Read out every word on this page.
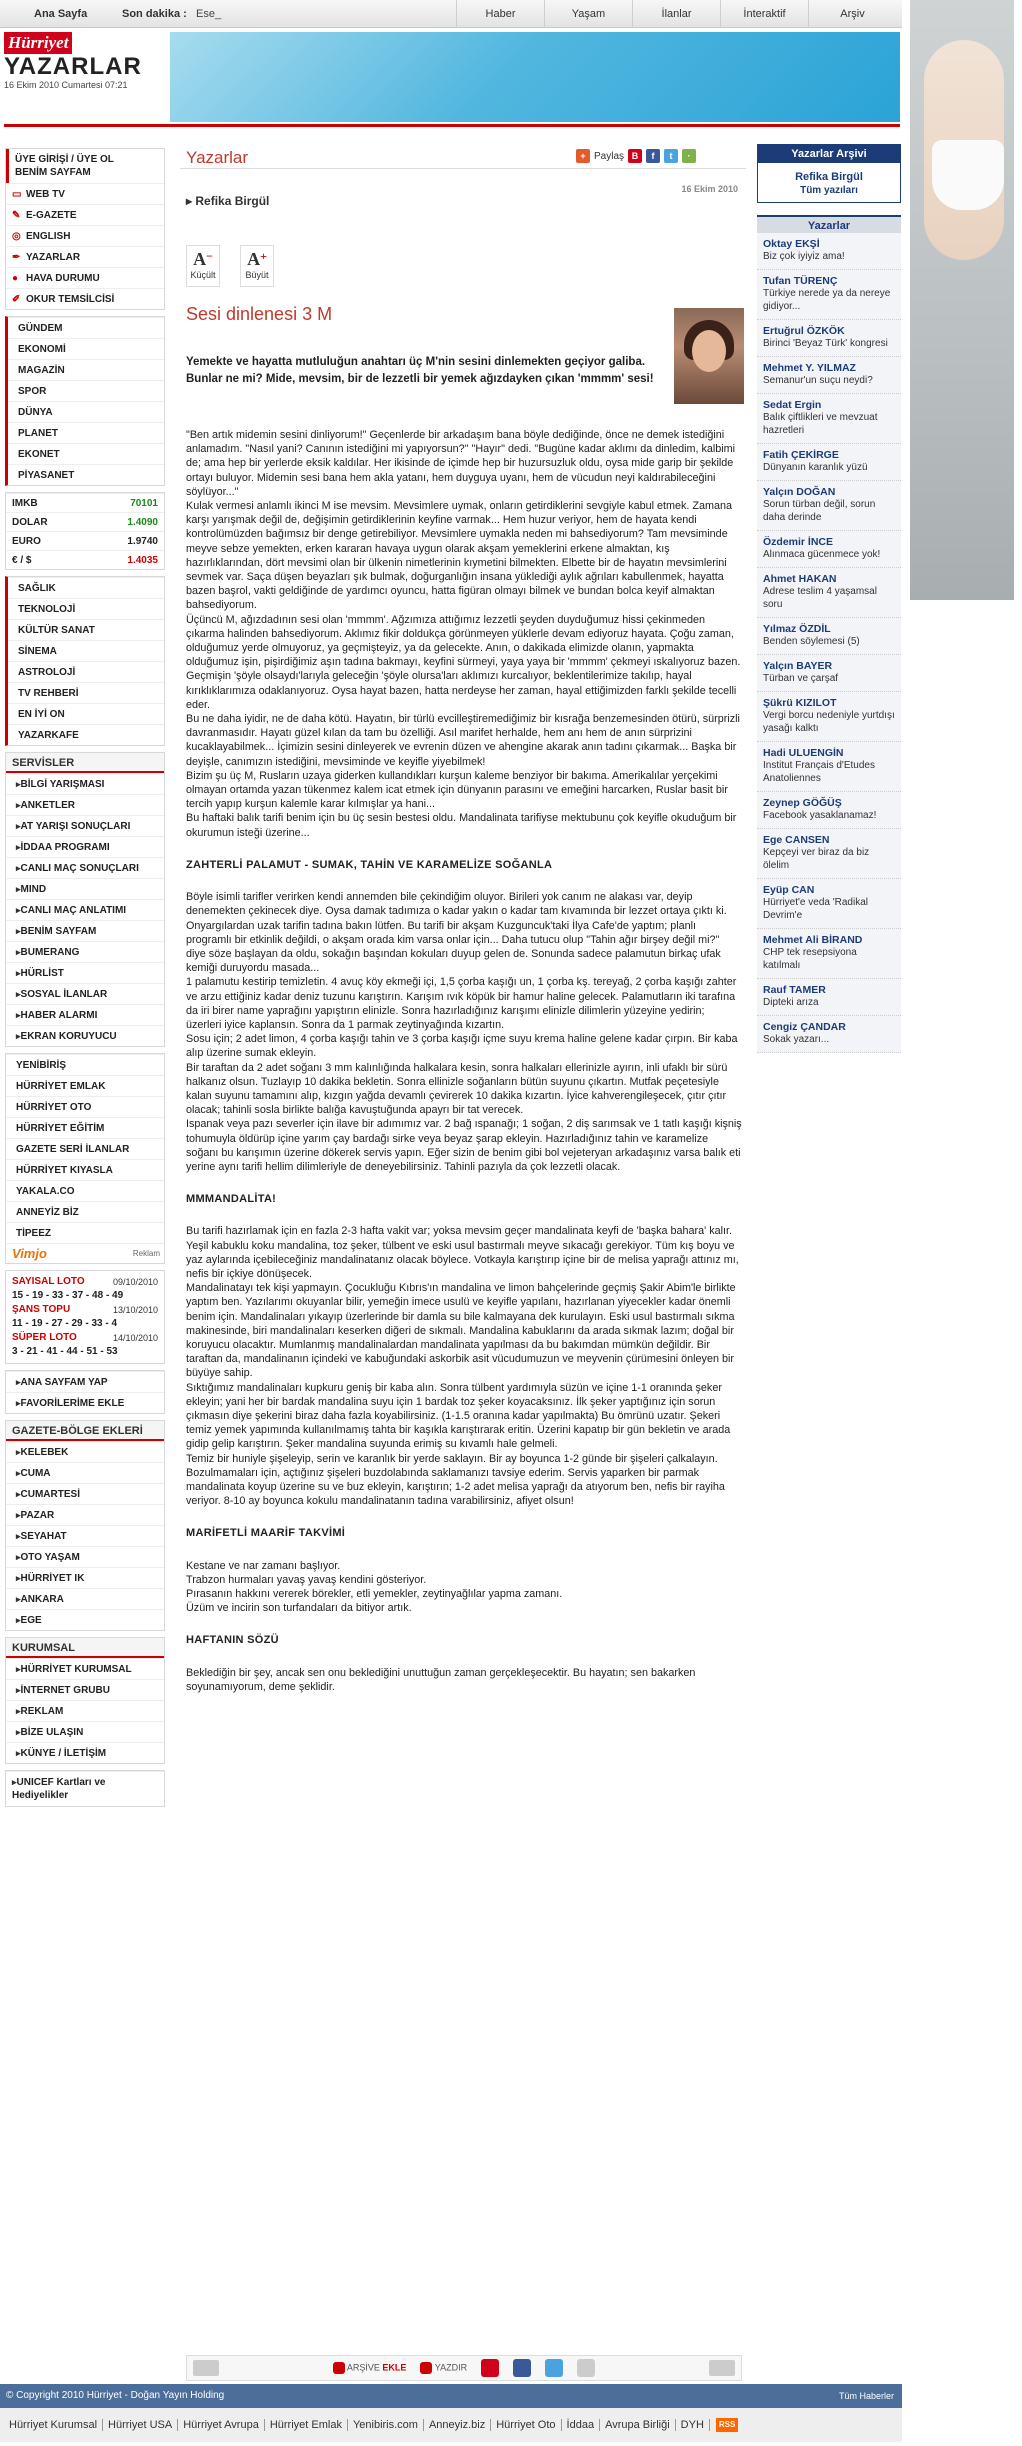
Ana Sayfa	Son dakika : Ese_	Haber	Yaşam	İlanlar	İnteraktif	Arşiv
Hürriyet
YAZARLAR
16 Ekim 2010 Cumartesi 07:21
ÜYE GİRİŞİ / ÜYE OL
BENİM SAYFAM
▭ WEB TV
✎ E-GAZETE
◎ ENGLISH
✒ YAZARLAR
● HAVA DURUMU
✐ OKUR TEMSİLCİSİ
GÜNDEM
EKONOMİ
MAGAZİN
SPOR
DÜNYA
PLANET
EKONET
PİYASANET
IMKB	70101
DOLAR	1.4090
EURO	1.9740
€ / $	1.4035
SAĞLIK
TEKNOLOJİ
KÜLTÜR SANAT
SİNEMA
ASTROLOJİ
TV REHBERİ
EN İYİ ON
YAZARKAFE
SERVİSLER
▸ BİLGİ YARIŞMASI
▸ ANKETLER
▸ AT YARIŞI SONUÇLARI
▸ İDDAA PROGRAMI
▸ CANLI MAÇ SONUÇLARI
▸ MIND
▸ CANLI MAÇ ANLATIMI
▸ BENİM SAYFAM
▸ BUMERANG
▸ HÜRLİST
▸ SOSYAL İLANLAR
▸ HABER ALARMI
▸ EKRAN KORUYUCU
YENİBİRİŞ
HÜRRİYET EMLAK
HÜRRİYET OTO
HÜRRİYET EĞİTİM
GAZETE SERİ İLANLAR
HÜRRİYET KIYASLA
YAKALA.CO
ANNEYİZ BİZ
TİPEEZ
Vimjo	Reklam
SAYISAL LOTO	09/10/2010
15 - 19 - 33 - 37 - 48 - 49
ŞANS TOPU	13/10/2010
11 - 19 - 27 - 29 - 33 - 4
SÜPER LOTO	14/10/2010
3 - 21 - 41 - 44 - 51 - 53
▸ ANA SAYFAM YAP
▸ FAVORİLERİME EKLE
GAZETE-BÖLGE EKLERİ
▸ KELEBEK
▸ CUMA
▸ CUMARTESİ
▸ PAZAR
▸ SEYAHAT
▸ OTO YAŞAM
▸ HÜRRİYET IK
▸ ANKARA
▸ EGE
KURUMSAL
▸ HÜRRİYET KURUMSAL
▸ İNTERNET GRUBU
▸ REKLAM
▸ BİZE ULAŞIN
▸ KÜNYE / İLETİŞİM
▸ UNICEF Kartları ve Hediyelikler
Yazarlar	+ Paylaş B	f	t	·
16 Ekim 2010
▸ Refika Birgül
A−
Küçült
A+
Büyüt
Sesi dinlenesi 3 M
Yemekte ve hayatta mutluluğun anahtarı üç M'nin sesini dinlemekten geçiyor galiba. Bunlar ne mi? Mide, mevsim, bir de lezzetli bir yemek ağızdayken çıkan 'mmmm' sesi!

"Ben artık midemin sesini dinliyorum!" Geçenlerde bir arkadaşım bana böyle dediğinde, önce ne demek istediğini anlamadım. "Nasıl yani? Canının istediğini mi yapıyorsun?" "Hayır" dedi. "Bugüne kadar aklımı da dinledim, kalbimi de; ama hep bir yerlerde eksik kaldılar. Her ikisinde de içimde hep bir huzursuzluk oldu, oysa mide garip bir şekilde ortayı buluyor. Midemin sesi bana hem akla yatanı, hem duyguya uyanı, hem de vücudun neyi kaldırabileceğini söylüyor..."
Kulak vermesi anlamlı ikinci M ise mevsim. Mevsimlere uymak, onların getirdiklerini sevgiyle kabul etmek. Zamana karşı yarışmak değil de, değişimin getirdiklerinin keyfine varmak... Hem huzur veriyor, hem de hayata kendi kontrolümüzden bağımsız bir denge getirebiliyor. Mevsimlere uymakla neden mi bahsediyorum? Tam mevsiminde meyve sebze yemekten, erken kararan havaya uygun olarak akşam yemeklerini erkene almaktan, kış hazırlıklarından, dört mevsimi olan bir ülkenin nimetlerinin kıymetini bilmekten. Elbette bir de hayatın mevsimlerini sevmek var. Saça düşen beyazları şık bulmak, doğurganlığın insana yüklediği aylık ağrıları kabullenmek, hayatta bazen başrol, vakti geldiğinde de yardımcı oyuncu, hatta figüran olmayı bilmek ve bundan bolca keyif almaktan bahsediyorum.
Üçüncü M, ağızdadının sesi olan 'mmmm'. Ağzımıza attığımız lezzetli şeyden duyduğumuz hissi çekinmeden çıkarma halinden bahsediyorum. Aklımız fikir doldukça görünmeyen yüklerle devam ediyoruz hayata. Çoğu zaman, olduğumuz yerde olmuyoruz, ya geçmişteyiz, ya da gelecekte. Anın, o dakikada elimizde olanın, yapmakta olduğumuz işin, pişirdiğimiz aşın tadına bakmayı, keyfini sürmeyi, yaya yaya bir 'mmmm' çekmeyi ıskalıyoruz bazen. Geçmişin 'şöyle olsaydı'larıyla geleceğin 'şöyle olursa'ları aklımızı kurcalıyor, beklentilerimize takılıp, hayal kırıklıklarımıza odaklanıyoruz. Oysa hayat bazen, hatta nerdeyse her zaman, hayal ettiğimizden farklı şekilde tecelli eder.
Bu ne daha iyidir, ne de daha kötü. Hayatın, bir türlü evcilleştiremediğimiz bir kısrağa benzemesinden ötürü, sürprizli davranmasıdır. Hayatı güzel kılan da tam bu özelliği. Asıl marifet herhalde, hem anı hem de anın sürprizini kucaklayabilmek... İçimizin sesini dinleyerek ve evrenin düzen ve ahengine akarak anın tadını çıkarmak... Başka bir deyişle, canımızın istediğini, mevsiminde ve keyifle yiyebilmek!
Bizim şu üç M, Rusların uzaya giderken kullandıkları kurşun kaleme benziyor bir bakıma. Amerikalılar yerçekimi olmayan ortamda yazan tükenmez kalem icat etmek için dünyanın parasını ve emeğini harcarken, Ruslar basit bir tercih yapıp kurşun kalemle karar kılmışlar ya hani...
Bu haftaki balık tarifi benim için bu üç sesin bestesi oldu. Mandalinata tarifiyse mektubunu çok keyifle okuduğum bir okurumun isteği üzerine...

ZAHTERLİ PALAMUT - SUMAK, TAHİN VE KARAMELİZE SOĞANLA

Böyle isimli tarifler verirken kendi annemden bile çekindiğim oluyor. Birileri yok canım ne alakası var, deyip denemekten çekinecek diye. Oysa damak tadımıza o kadar yakın o kadar tam kıvamında bir lezzet ortaya çıktı ki. Onyargılardan uzak tarifin tadına bakın lütfen. Bu tarifi bir akşam Kuzguncuk'taki İlya Cafe'de yaptım; planlı programlı bir etkinlik değildi, o akşam orada kim varsa onlar için... Daha tutucu olup "Tahin ağır birşey değil mi?" diye söze başlayan da oldu, sokağın başından kokuları duyup gelen de. Sonunda sadece palamutun birkaç ufak kemiği duruyordu masada...
1 palamutu kestirip temizletin. 4 avuç köy ekmeği içi, 1,5 çorba kaşığı un, 1 çorba kş. tereyağ, 2 çorba kaşığı zahter ve arzu ettiğiniz kadar deniz tuzunu karıştırın. Karışım ıvık köpük bir hamur haline gelecek. Palamutların iki tarafına da iri birer name yaprağını yapıştırın elinizle. Sonra hazırladığınız karışımı elinizle dilimlerin yüzeyine yedirin; üzerleri iyice kaplansın. Sonra da 1 parmak zeytinyağında kızartın.
Sosu için; 2 adet limon, 4 çorba kaşığı tahin ve 3 çorba kaşığı içme suyu krema haline gelene kadar çırpın. Bir kaba alıp üzerine sumak ekleyin.
Bir taraftan da 2 adet soğanı 3 mm kalınlığında halkalara kesin, sonra halkaları ellerinizle ayırın, inli ufaklı bir sürü halkanız olsun. Tuzlayıp 10 dakika bekletin. Sonra ellinizle soğanların bütün suyunu çıkartın. Mutfak peçetesiyle kalan suyunu tamamını alıp, kızgın yağda devamlı çevirerek 10 dakika kızartın. İyice kahverengileşecek, çıtır çıtır olacak; tahinli sosla birlikte balığa kavuştuğunda apayrı bir tat verecek.
Ispanak veya pazı severler için ilave bir adımımız var. 2 bağ ıspanağı; 1 soğan, 2 diş sarımsak ve 1 tatlı kaşığı kişniş tohumuyla öldürüp içine yarım çay bardağı sirke veya beyaz şarap ekleyin. Hazırladığınız tahin ve karamelize soğanı bu karışımın üzerine dökerek servis yapın. Eğer sizin de benim gibi bol vejeteryan arkadaşınız varsa balık eti yerine aynı tarifi hellim dilimleriyle de deneyebilirsiniz. Tahinli pazıyla da çok lezzetli olacak.

MMMANDALİTA!

Bu tarifi hazırlamak için en fazla 2-3 hafta vakit var; yoksa mevsim geçer mandalinata keyfi de 'başka bahara' kalır. Yeşil kabuklu koku mandalina, toz şeker, tülbent ve eski usul bastırmalı meyve sıkacağı gerekiyor. Tüm kış boyu ve yaz aylarında içebileceğiniz mandalinatanız olacak böylece. Votkayla karıştırıp içine bir de melisa yaprağı attınız mı, nefis bir içkiye dönüşecek.
Mandalinatayı tek kişi yapmayın. Çocukluğu Kıbrıs'ın mandalina ve limon bahçelerinde geçmiş Şakir Abim'le birlikte yaptım ben. Yazılarımı okuyanlar bilir, yemeğin imece usulü ve keyifle yapılanı, hazırlanan yiyecekler kadar önemli benim için. Mandalinaları yıkayıp üzerlerinde bir damla su bile kalmayana dek kurulayın. Eski usul bastırmalı sıkma makinesinde, biri mandalinaları keserken diğeri de sıkmalı. Mandalina kabuklarını da arada sıkmak lazım; doğal bir koruyucu olacaktır. Mumlanmış mandalinalardan mandalinata yapılması da bu bakımdan mümkün değildir. Bir taraftan da, mandalinanın içindeki ve kabuğundaki askorbik asit vücudumuzun ve meyvenin çürümesini önleyen bir büyüye sahip.
Sıktığımız mandalinaları kupkuru geniş bir kaba alın. Sonra tülbent yardımıyla süzün ve içine 1-1 oranında şeker ekleyin; yani her bir bardak mandalina suyu için 1 bardak toz şeker koyacaksınız. İlk şeker yaptığınız için sorun çıkmasın diye şekerini biraz daha fazla koyabilirsiniz. (1-1.5 oranına kadar yapılmakta) Bu ömrünü uzatır. Şekeri temiz yemek yapımında kullanılmamış tahta bir kaşıkla karıştırarak eritin. Üzerini kapatıp bir gün bekletin ve arada gidip gelip karıştırın. Şeker mandalina suyunda erimiş su kıvamlı hale gelmeli.
Temiz bir huniyle şişeleyip, serin ve karanlık bir yerde saklayın. Bir ay boyunca 1-2 günde bir şişeleri çalkalayın. Bozulmamaları için, açtığınız şişeleri buzdolabında saklamanızı tavsiye ederim. Servis yaparken bir parmak mandalinata koyup üzerine su ve buz ekleyin, karıştırın; 1-2 adet melisa yaprağı da atıyorum ben, nefis bir rayiha veriyor. 8-10 ay boyunca kokulu mandalinatanın tadına varabilirsiniz, afiyet olsun!

MARİFETLİ MAARİF TAKVİMİ

Kestane ve nar zamanı başlıyor.
Trabzon hurmaları yavaş yavaş kendini gösteriyor.
Pırasanın hakkını vererek börekler, etli yemekler, zeytinyağlılar yapma zamanı.
Üzüm ve incirin son turfandaları da bitiyor artık.

HAFTANIN SÖZÜ

Beklediğin bir şey, ancak sen onu beklediğini unuttuğun zaman gerçekleşecektir. Bu hayatın; sen bakarken soyunamıyorum, deme şeklidir.

ARŞİVE EKLE	YAZDIR
Yazarlar Arşivi
Refika Birgül
Tüm yazıları
Yazarlar
Oktay EKŞİ
Biz çok iyiyiz ama!
Tufan TÜRENÇ
Türkiye nerede ya da nereye gidiyor...
Ertuğrul ÖZKÖK
Birinci 'Beyaz Türk' kongresi
Mehmet Y. YILMAZ
Semanur'un suçu neydi?
Sedat Ergin
Balık çiftlikleri ve mevzuat hazretleri
Fatih ÇEKİRGE
Dünyanın karanlık yüzü
Yalçın DOĞAN
Sorun türban değil, sorun daha derinde
Özdemir İNCE
Alınmaca gücenmece yok!
Ahmet HAKAN
Adrese teslim 4 yaşamsal soru
Yılmaz ÖZDİL
Benden söylemesi (5)
Yalçın BAYER
Türban ve çarşaf
Şükrü KIZILOT
Vergi borcu nedeniyle yurtdışı yasağı kalktı
Hadi ULUENGİN
Institut Français d'Etudes Anatoliennes
Zeynep GÖĞÜŞ
Facebook yasaklanamaz!
Ege CANSEN
Kepçeyi ver biraz da biz ölelim
Eyüp CAN
Hürriyet'e veda 'Radikal Devrim'e
Mehmet Ali BİRAND
CHP tek resepsiyona katılmalı
Rauf TAMER
Dipteki arıza
Cengiz ÇANDAR
Sokak yazarı...
© Copyright 2010 Hürriyet - Doğan Yayın Holding	Tüm Haberler
Hürriyet Kurumsal	Hürriyet USA	Hürriyet Avrupa	Hürriyet Emlak	Yenibiris.com	Anneyiz.biz	Hürriyet Oto	İddaa	Avrupa Birliği	DYH	RSS
